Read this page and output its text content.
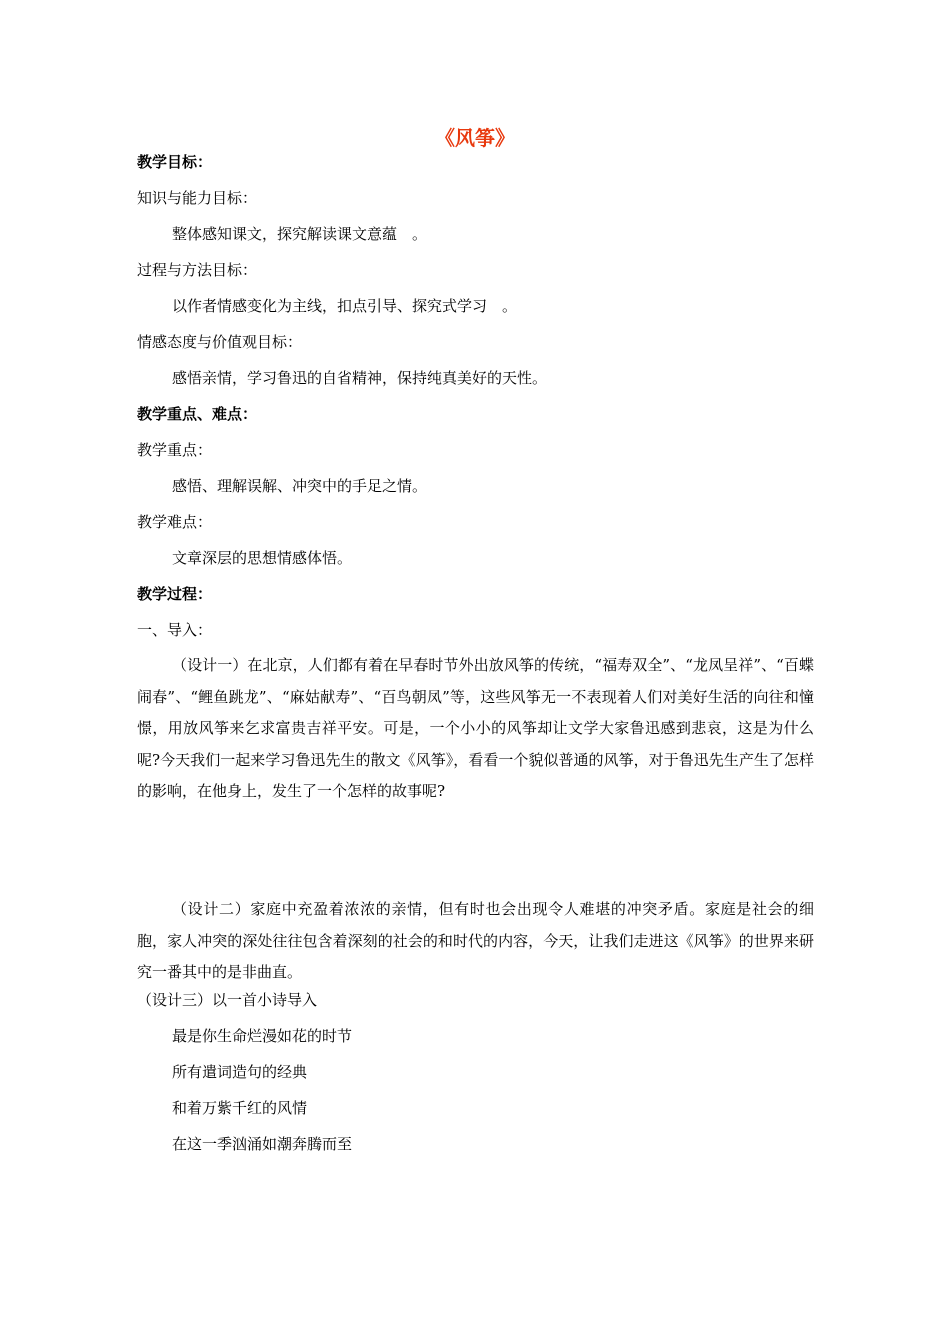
《风筝》
教学目标：
知识与能力目标：
整体感知课文，探究解读课文意蕴　。
过程与方法目标：
以作者情感变化为主线，扣点引导、探究式学习　。
情感态度与价值观目标：
感悟亲情，学习鲁迅的自省精神，保持纯真美好的天性。
教学重点、难点：
教学重点：
感悟、理解误解、冲突中的手足之情。
教学难点：
文章深层的思想情感体悟。
教学过程：
一、导入：
（设计一）在北京，人们都有着在早春时节外出放风筝的传统，“福寿双全”、“龙凤呈祥”、“百蝶闹春”、“鲤鱼跳龙”、“麻姑献寿”、“百鸟朝凤”等，这些风筝无一不表现着人们对美好生活的向往和憧憬，用放风筝来乞求富贵吉祥平安。可是，一个小小的风筝却让文学大家鲁迅感到悲哀，这是为什么呢?今天我们一起来学习鲁迅先生的散文《风筝》，看看一个貌似普通的风筝，对于鲁迅先生产生了怎样的影响，在他身上，发生了一个怎样的故事呢?
（设计二）家庭中充盈着浓浓的亲情，但有时也会出现令人难堪的冲突矛盾。家庭是社会的细胞，家人冲突的深处往往包含着深刻的社会的和时代的内容，今天，让我们走进这《风筝》的世界来研究一番其中的是非曲直。
（设计三）以一首小诗导入
最是你生命烂漫如花的时节
所有遣词造句的经典
和着万紫千红的风情
在这一季汹涌如潮奔腾而至
